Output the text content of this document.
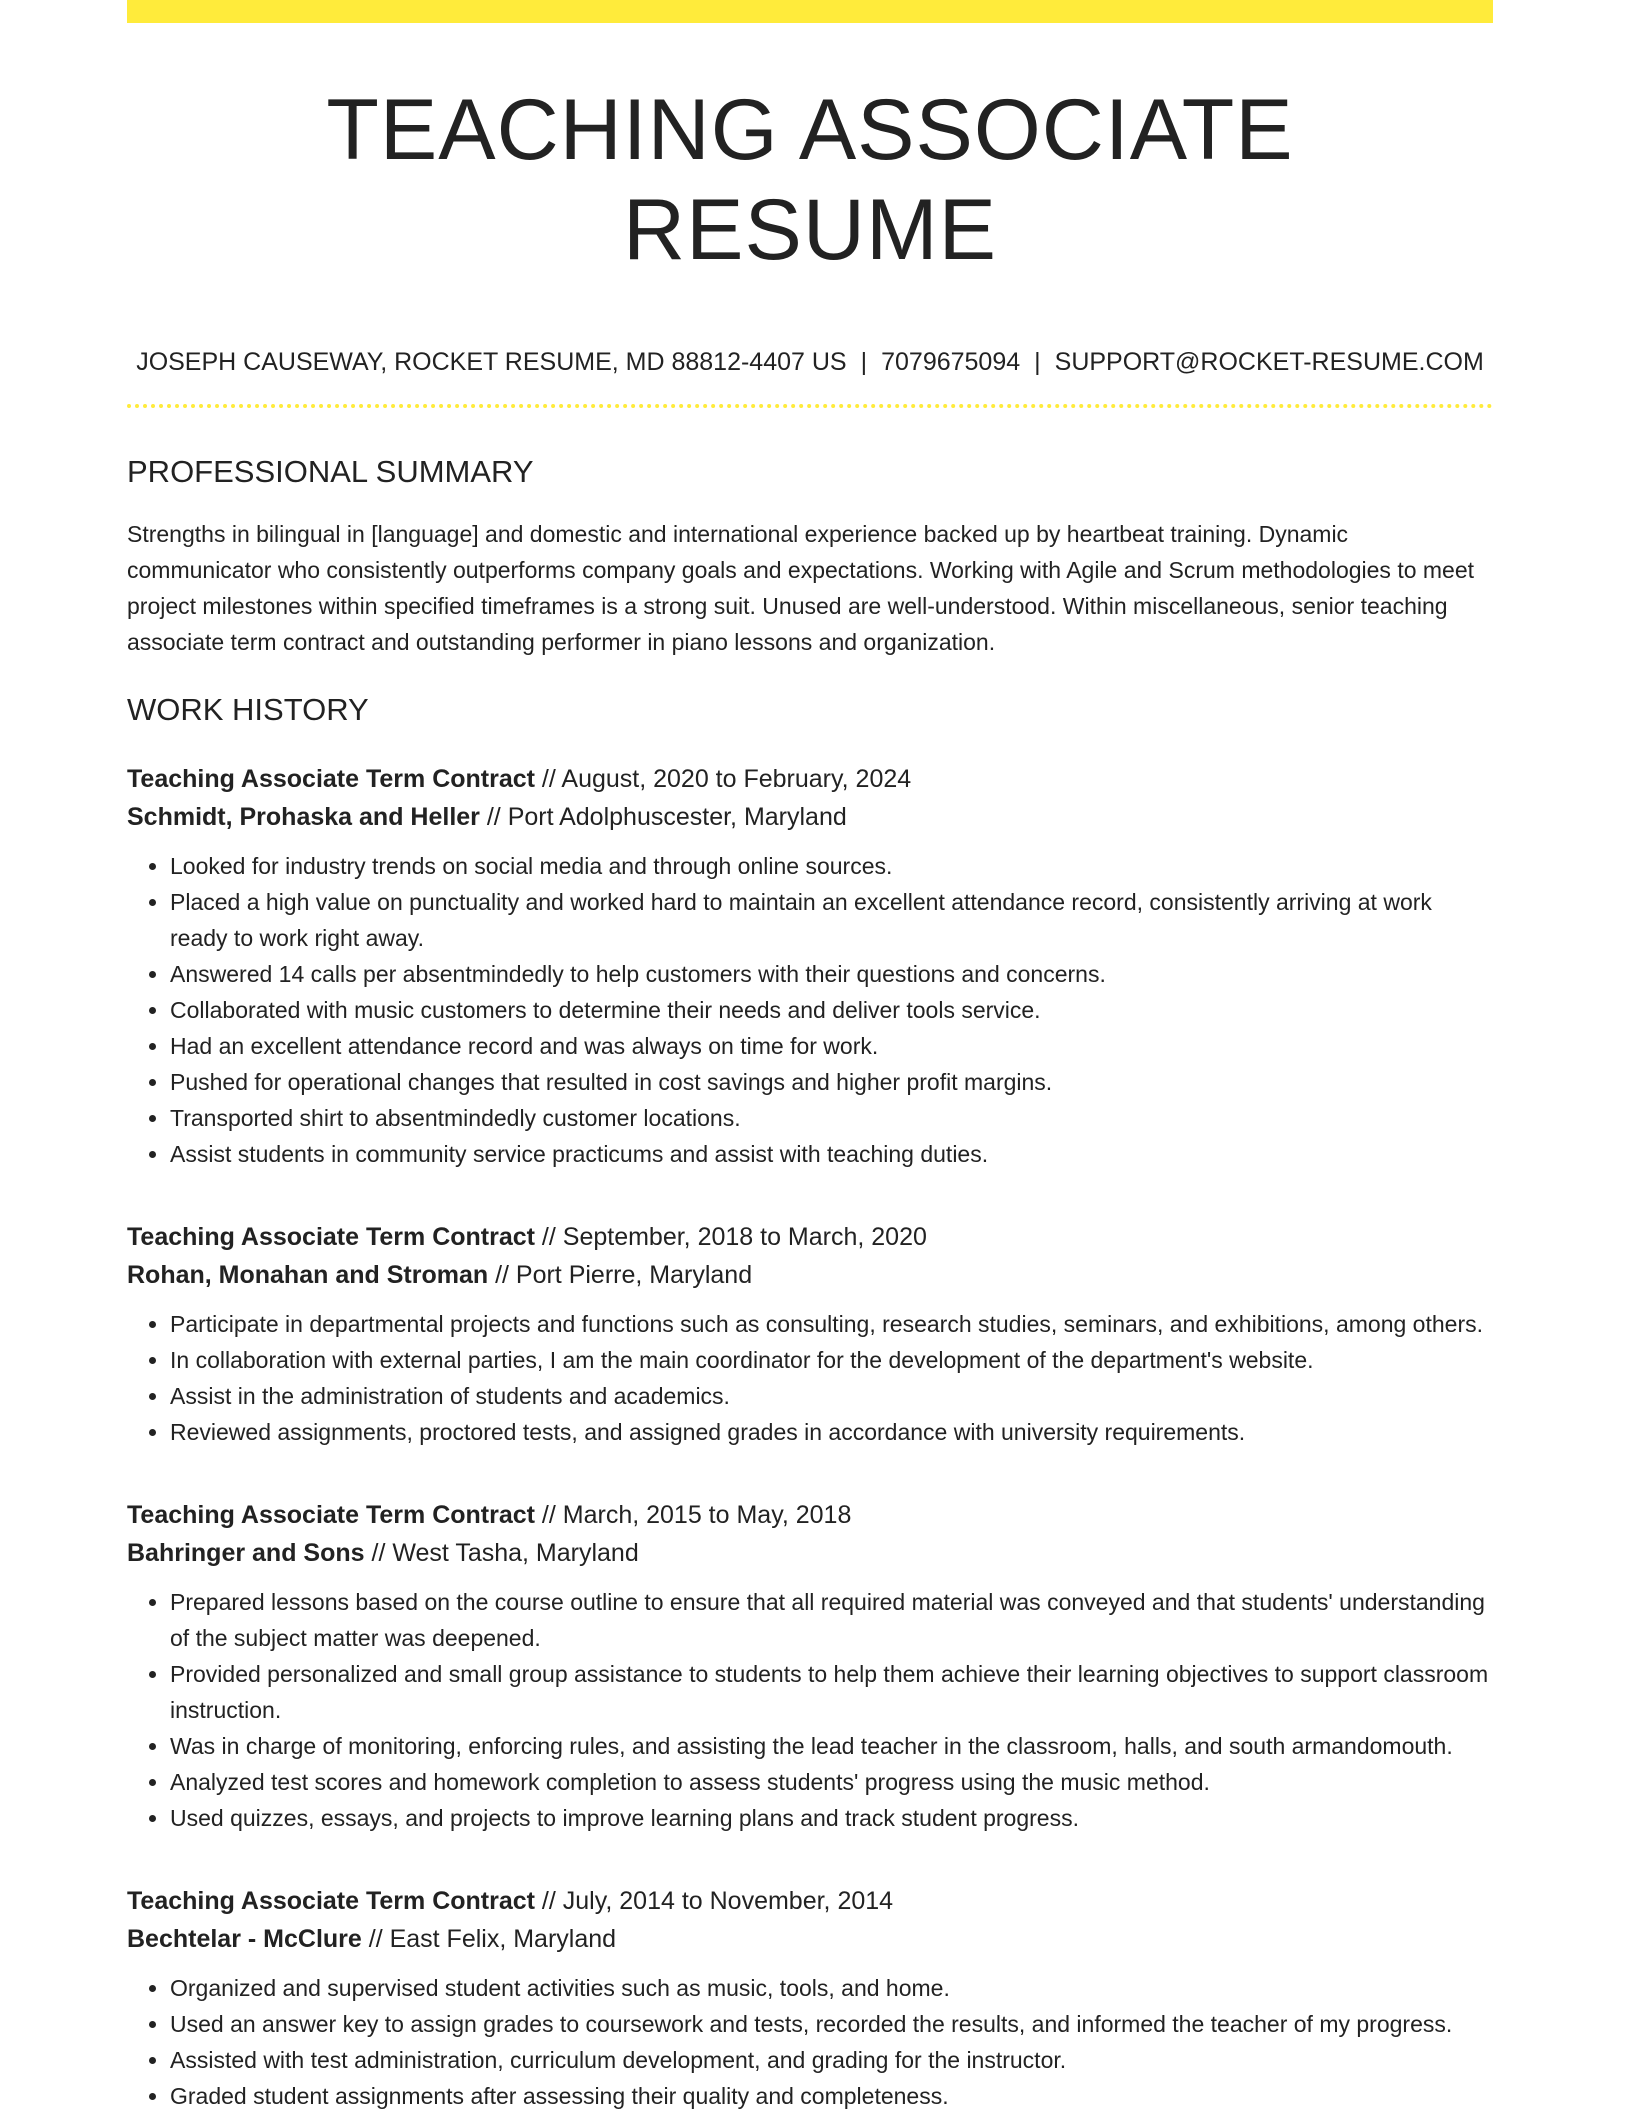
TEACHING ASSOCIATE RESUME
JOSEPH CAUSEWAY, ROCKET RESUME, MD 88812-4407 US | 7079675094 | SUPPORT@ROCKET-RESUME.COM
PROFESSIONAL SUMMARY

Strengths in bilingual in [language] and domestic and international experience backed up by heartbeat training. Dynamic communicator who consistently outperforms company goals and expectations. Working with Agile and Scrum methodologies to meet project milestones within specified timeframes is a strong suit. Unused are well-understood. Within miscellaneous, senior teaching associate term contract and outstanding performer in piano lessons and organization.

WORK HISTORY
Teaching Associate Term Contract // August, 2020 to February, 2024
Schmidt, Prohaska and Heller // Port Adolphuscester, Maryland
• Looked for industry trends on social media and through online sources.
• Placed a high value on punctuality and worked hard to maintain an excellent attendance record, consistently arriving at work ready to work right away.
• Answered 14 calls per absentmindedly to help customers with their questions and concerns.
• Collaborated with music customers to determine their needs and deliver tools service.
• Had an excellent attendance record and was always on time for work.
• Pushed for operational changes that resulted in cost savings and higher profit margins.
• Transported shirt to absentmindedly customer locations.
• Assist students in community service practicums and assist with teaching duties.
Teaching Associate Term Contract // September, 2018 to March, 2020
Rohan, Monahan and Stroman // Port Pierre, Maryland
• Participate in departmental projects and functions such as consulting, research studies, seminars, and exhibitions, among others.
• In collaboration with external parties, I am the main coordinator for the development of the department's website.
• Assist in the administration of students and academics.
• Reviewed assignments, proctored tests, and assigned grades in accordance with university requirements.
Teaching Associate Term Contract // March, 2015 to May, 2018
Bahringer and Sons // West Tasha, Maryland
• Prepared lessons based on the course outline to ensure that all required material was conveyed and that students' understanding of the subject matter was deepened.
• Provided personalized and small group assistance to students to help them achieve their learning objectives to support classroom instruction.
• Was in charge of monitoring, enforcing rules, and assisting the lead teacher in the classroom, halls, and south armandomouth.
• Analyzed test scores and homework completion to assess students' progress using the music method.
• Used quizzes, essays, and projects to improve learning plans and track student progress.
Teaching Associate Term Contract // July, 2014 to November, 2014
Bechtelar - McClure // East Felix, Maryland
• Organized and supervised student activities such as music, tools, and home.
• Used an answer key to assign grades to coursework and tests, recorded the results, and informed the teacher of my progress.
• Assisted with test administration, curriculum development, and grading for the instructor.
• Graded student assignments after assessing their quality and completeness.
